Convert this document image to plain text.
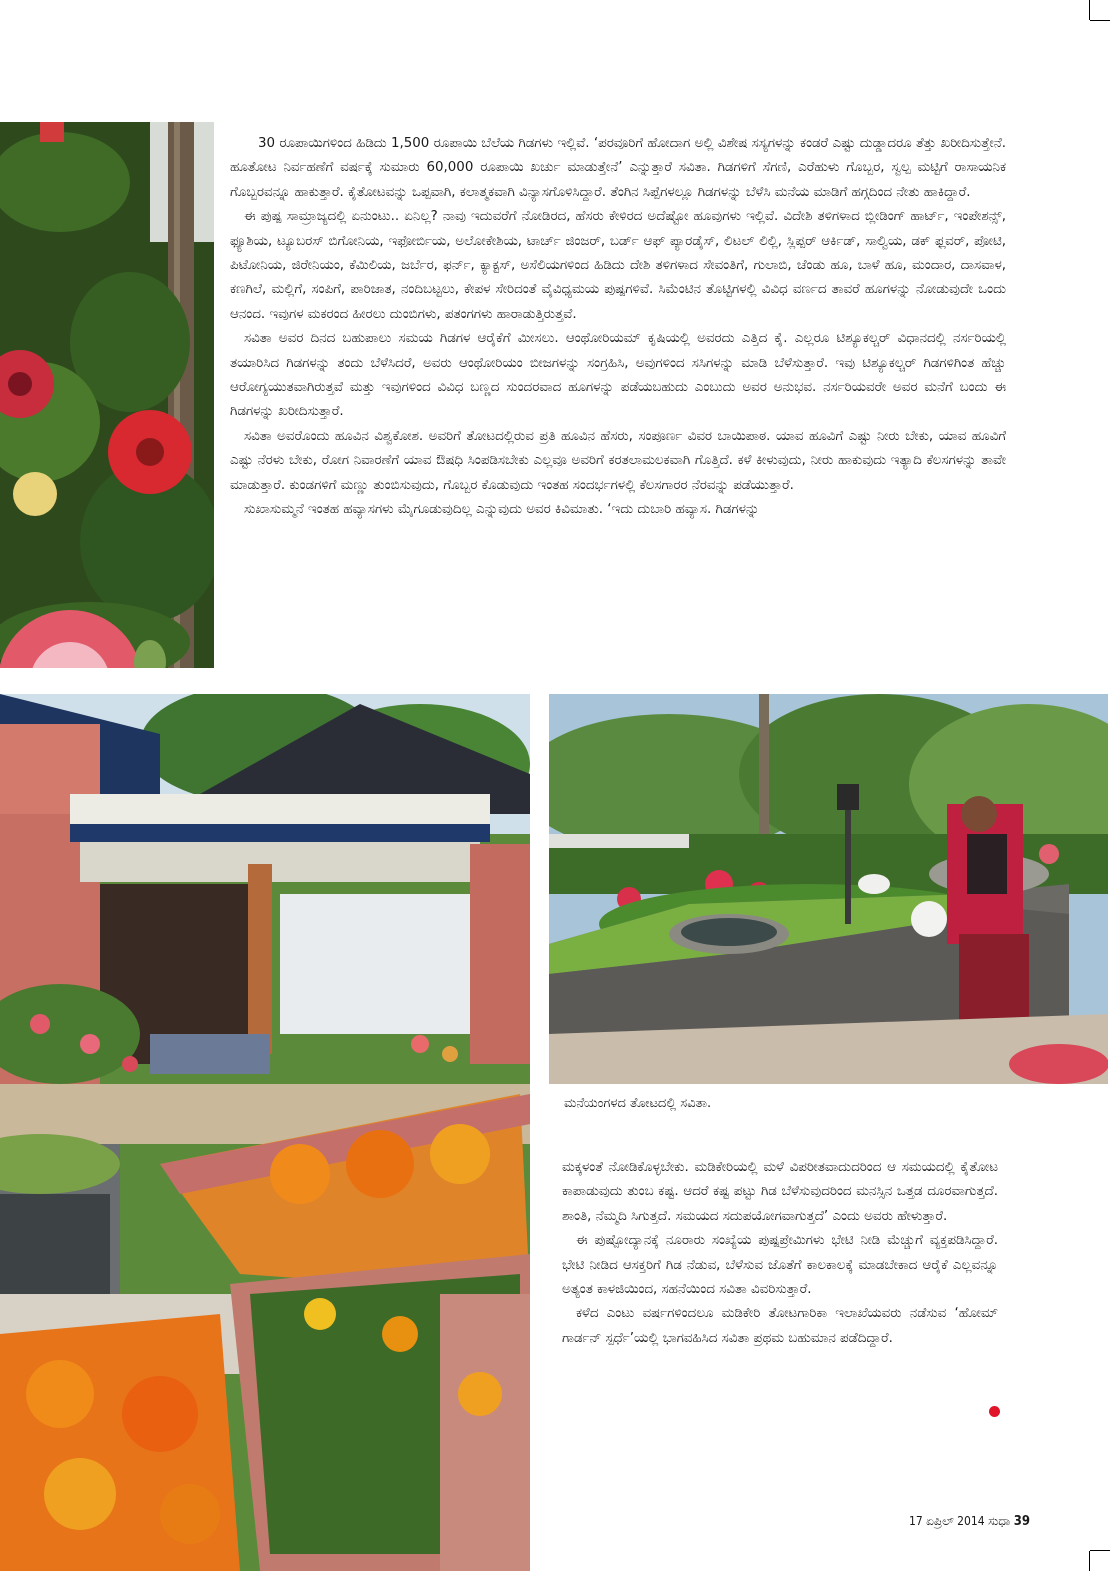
30 ರೂಪಾಯಿಗಳಿಂದ ಹಿಡಿದು 1,500 ರೂಪಾಯಿ ಬೆಲೆಯ ಗಿಡಗಳು ಇಲ್ಲಿವೆ. ‘ಪರವೂರಿಗೆ ಹೋದಾಗ ಅಲ್ಲಿ ವಿಶೇಷ ಸಸ್ಯಗಳನ್ನು ಕಂಡರೆ ಎಷ್ಟು ದುಡ್ಡಾದರೂ ತೆತ್ತು ಖರೀದಿಸುತ್ತೇನೆ. ಹೂತೋಟ ನಿರ್ವಹಣೆಗೆ ವರ್ಷಕ್ಕೆ ಸುಮಾರು 60,000 ರೂಪಾಯಿ ಖರ್ಚು ಮಾಡುತ್ತೇನೆ’ ಎನ್ನುತ್ತಾರೆ ಸವಿತಾ. ಗಿಡಗಳಿಗೆ ಸೆಗಣಿ, ಎರೆಹುಳು ಗೊಬ್ಬರ, ಸ್ವಲ್ಪ ಮಟ್ಟಿಗೆ ರಾಸಾಯನಿಕ ಗೊಬ್ಬರವನ್ನೂ ಹಾಕುತ್ತಾರೆ. ಕೈತೋಟವನ್ನು ಒಪ್ಪವಾಗಿ, ಕಲಾತ್ಮಕವಾಗಿ ವಿನ್ಯಾಸಗೊಳಿಸಿದ್ದಾರೆ. ತೆಂಗಿನ ಸಿಪ್ಪೆಗಳಲ್ಲೂ ಗಿಡಗಳನ್ನು ಬೆಳೆಸಿ ಮನೆಯ ಮಾಡಿಗೆ ಹಗ್ಗದಿಂದ ನೇತು ಹಾಕಿದ್ದಾರೆ.

ಈ ಪುಷ್ಪ ಸಾಮ್ರಾಜ್ಯದಲ್ಲಿ ಏನುಂಟು.. ಏನಿಲ್ಲ? ನಾವು ಇದುವರೆಗೆ ನೋಡಿರದ, ಹೆಸರು ಕೇಳಿರದ ಅದೆಷ್ಟೋ ಹೂವುಗಳು ಇಲ್ಲಿವೆ. ವಿದೇಶಿ ತಳಿಗಳಾದ ಬ್ಲೀಡಿಂಗ್ ಹಾರ್ಟ್, ಇಂಪೇಶನ್ಸ್, ಫ್ಯೂಶಿಯ, ಟ್ಯೂಬರಸ್ ಬಿಗೋನಿಯ, ಇಫೋರ್ಬಿಯ, ಅಲೋಕೇಶಿಯ, ಟಾರ್ಚ್ ಜಿಂಜರ್, ಬರ್ಡ್ ಆಫ್ ಪ್ಯಾರಡೈಸ್, ಲಿಟಲ್ ಲಿಲ್ಲಿ, ಸ್ಲಿಪ್ಪರ್ ಆರ್ಕಿಡ್, ಸಾಲ್ವಿಯ, ಡಕ್ ಫ್ಲವರ್, ಪೋಟಿ, ಪಿಟೋನಿಯ, ಜಿರೇನಿಯಂ, ಕೆಮಿಲಿಯ, ಜರ್ಬೆರ, ಫರ್ನ್, ಕ್ಯಾಕ್ಟಸ್, ಅಸೆಲಿಯಗಳಿಂದ ಹಿಡಿದು ದೇಶಿ ತಳಿಗಳಾದ ಸೇವಂತಿಗೆ, ಗುಲಾಬಿ, ಚೆಂಡು ಹೂ, ಬಾಳೆ ಹೂ, ಮಂದಾರ, ದಾಸವಾಳ, ಕಣಗಿಲೆ, ಮಲ್ಲಿಗೆ, ಸಂಪಿಗೆ, ಪಾರಿಜಾತ, ನಂದಿಬಟ್ಟಲು, ಕೇಪಳ ಸೇರಿದಂತೆ ವೈವಿಧ್ಯಮಯ ಪುಷ್ಪಗಳಿವೆ. ಸಿಮೆಂಟಿನ ತೊಟ್ಟಿಗಳಲ್ಲಿ ವಿವಿಧ ವರ್ಣದ ತಾವರೆ ಹೂಗಳನ್ನು ನೋಡುವುದೇ ಒಂದು ಆನಂದ. ಇವುಗಳ ಮಕರಂದ ಹೀರಲು ದುಂಬಿಗಳು, ಪತಂಗಗಳು ಹಾರಾಡುತ್ತಿರುತ್ತವೆ.

ಸವಿತಾ ಅವರ ದಿನದ ಬಹುಪಾಲು ಸಮಯ ಗಿಡಗಳ ಆರೈಕೆಗೆ ಮೀಸಲು. ಆಂಥೋರಿಯಮ್ ಕೃಷಿಯಲ್ಲಿ ಅವರದು ಎತ್ತಿದ ಕೈ. ಎಲ್ಲರೂ ಟಿಶ್ಯೂಕಲ್ಚರ್ ವಿಧಾನದಲ್ಲಿ ನರ್ಸರಿಯಲ್ಲಿ ತಯಾರಿಸಿದ ಗಿಡಗಳನ್ನು ತಂದು ಬೆಳೆಸಿದರೆ, ಅವರು ಆಂಥೋರಿಯಂ ಬೀಜಗಳನ್ನು ಸಂಗ್ರಹಿಸಿ, ಅವುಗಳಿಂದ ಸಸಿಗಳನ್ನು ಮಾಡಿ ಬೆಳೆಸುತ್ತಾರೆ. ಇವು ಟಿಶ್ಯೂಕಲ್ಚರ್ ಗಿಡಗಳಿಗಿಂತ ಹೆಚ್ಚು ಆರೋಗ್ಯಯುತವಾಗಿರುತ್ತವೆ ಮತ್ತು ಇವುಗಳಿಂದ ವಿವಿಧ ಬಣ್ಣದ ಸುಂದರವಾದ ಹೂಗಳನ್ನು ಪಡೆಯಬಹುದು ಎಂಬುದು ಅವರ ಅನುಭವ. ನರ್ಸರಿಯವರೇ ಅವರ ಮನೆಗೆ ಬಂದು ಈ ಗಿಡಗಳನ್ನು ಖರೀದಿಸುತ್ತಾರೆ.

ಸವಿತಾ ಅವರೊಂದು ಹೂವಿನ ವಿಶ್ವಕೋಶ. ಅವರಿಗೆ ತೋಟದಲ್ಲಿರುವ ಪ್ರತಿ ಹೂವಿನ ಹೆಸರು, ಸಂಪೂರ್ಣ ವಿವರ ಬಾಯಿಪಾಠ. ಯಾವ ಹೂವಿಗೆ ಎಷ್ಟು ನೀರು ಬೇಕು, ಯಾವ ಹೂವಿಗೆ ಎಷ್ಟು ನೆರಳು ಬೇಕು, ರೋಗ ನಿವಾರಣೆಗೆ ಯಾವ ಔಷಧಿ ಸಿಂಪಡಿಸಬೇಕು ಎಲ್ಲವೂ ಅವರಿಗೆ ಕರತಲಾಮಲಕವಾಗಿ ಗೊತ್ತಿದೆ. ಕಳೆ ಕೀಳುವುದು, ನೀರು ಹಾಕುವುದು ಇತ್ಯಾದಿ ಕೆಲಸಗಳನ್ನು ತಾವೇ ಮಾಡುತ್ತಾರೆ. ಕುಂಡಗಳಿಗೆ ಮಣ್ಣು ತುಂಬಿಸುವುದು, ಗೊಬ್ಬರ ಕೊಡುವುದು ಇಂತಹ ಸಂದರ್ಭಗಳಲ್ಲಿ ಕೆಲಸಗಾರರ ನೆರವನ್ನು ಪಡೆಯುತ್ತಾರೆ.

ಸುಖಾಸುಮ್ಮನೆ ಇಂತಹ ಹವ್ಯಾಸಗಳು ಮೈಗೂಡುವುದಿಲ್ಲ ಎನ್ನುವುದು ಅವರ ಕಿವಿಮಾತು. ‘ಇದು ದುಬಾರಿ ಹವ್ಯಾಸ. ಗಿಡಗಳನ್ನು

ಮನೆಯಂಗಳದ ತೋಟದಲ್ಲಿ ಸವಿತಾ.

ಮಕ್ಕಳಂತೆ ನೋಡಿಕೊಳ್ಳಬೇಕು. ಮಡಿಕೇರಿಯಲ್ಲಿ ಮಳೆ ವಿಪರೀತವಾದುದರಿಂದ ಆ ಸಮಯದಲ್ಲಿ ಕೈತೋಟ ಕಾಪಾಡುವುದು ತುಂಬ ಕಷ್ಟ. ಆದರೆ ಕಷ್ಟ ಪಟ್ಟು ಗಿಡ ಬೆಳೆಸುವುದರಿಂದ ಮನಸ್ಸಿನ ಒತ್ತಡ ದೂರವಾಗುತ್ತದೆ. ಶಾಂತಿ, ನೆಮ್ಮದಿ ಸಿಗುತ್ತದೆ. ಸಮಯದ ಸದುಪಯೋಗವಾಗುತ್ತದೆ’ ಎಂದು ಅವರು ಹೇಳುತ್ತಾರೆ.

ಈ ಪುಷ್ಪೋದ್ಯಾನಕ್ಕೆ ನೂರಾರು ಸಂಖ್ಯೆಯ ಪುಷ್ಪಪ್ರೇಮಿಗಳು ಭೇಟಿ ನೀಡಿ ಮೆಚ್ಚುಗೆ ವ್ಯಕ್ತಪಡಿಸಿದ್ದಾರೆ. ಭೇಟಿ ನೀಡಿದ ಆಸಕ್ತರಿಗೆ ಗಿಡ ನೆಡುವ, ಬೆಳೆಸುವ ಜೊತೆಗೆ ಕಾಲಕಾಲಕ್ಕೆ ಮಾಡಬೇಕಾದ ಆರೈಕೆ ಎಲ್ಲವನ್ನೂ ಅತ್ಯಂತ ಕಾಳಜಿಯಿಂದ, ಸಹನೆಯಿಂದ ಸವಿತಾ ವಿವರಿಸುತ್ತಾರೆ.

ಕಳೆದ ಎಂಟು ವರ್ಷಗಳಿಂದಲೂ ಮಡಿಕೇರಿ ತೋಟಗಾರಿಕಾ ಇಲಾಖೆಯವರು ನಡೆಸುವ ‘ಹೋಮ್ ಗಾರ್ಡನ್ ಸ್ಪರ್ಧೆ’ಯಲ್ಲಿ ಭಾಗವಹಿಸಿದ ಸವಿತಾ ಪ್ರಥಮ ಬಹುಮಾನ ಪಡೆದಿದ್ದಾರೆ.

17 ಏಪ್ರಿಲ್ 2014 ಸುಧಾ 39
